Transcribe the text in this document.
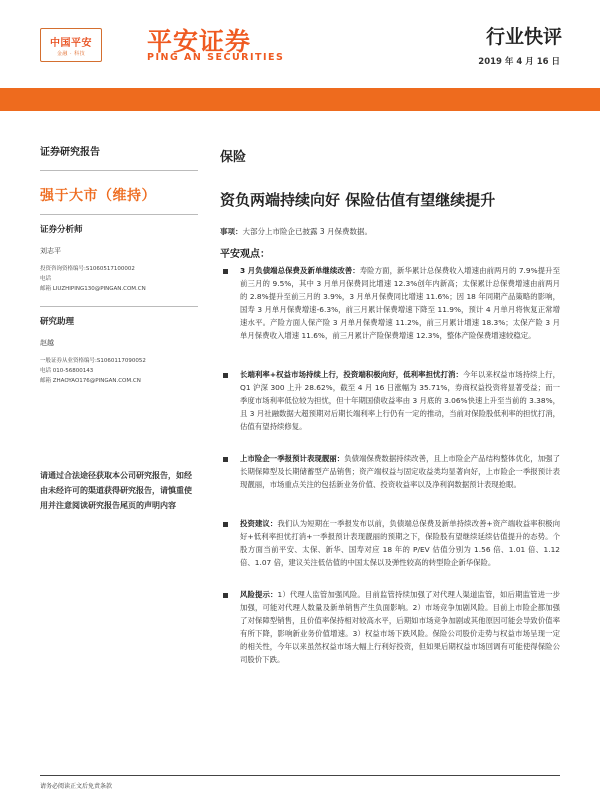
中国平安
金融 · 科技	平安证券
PING AN SECURITIES
行业快评
2019 年 4 月 16 日
证券研究报告
强于大市（维持）
证券分析师
刘志平
投资咨询资格编号:S1060517100002
电话
邮箱 LIUZHIPING130@PINGAN.COM.CN
研究助理
赵越
一般证券从业资格编号:S1060117090052
电话 010-56800143
邮箱 ZHAOYAO176@PINGAN.COM.CN
请通过合法途径获取本公司研究报告，如经由未经许可的渠道获得研究报告，请慎重使用并注意阅读研究报告尾页的声明内容
保险
资负两端持续向好 保险估值有望继续提升
事项：大部分上市险企已披露 3 月保费数据。
平安观点：
3 月负债端总保费及新单继续改善：寿险方面，新华累计总保费收入增速由前两月的 7.9%提升至前三月的 9.5%，其中 3 月单月保费同比增速 12.3%创年内新高；太保累计总保费增速由前两月的 2.8%提升至前三月的 3.9%，3 月单月保费同比增速 11.6%；因 18 年同期产品策略的影响，国寿 3 月单月保费增速-6.3%，前三月累计保费增速下降至 11.9%，预计 4 月单月将恢复正常增速水平。产险方面人保产险 3 月单月保费增速 11.2%，前三月累计增速 18.3%；太保产险 3 月单月保费收入增速 11.6%，前三月累计产险保费增速 12.3%，整体产险保费增速较稳定。
长端利率+权益市场持续上行，投资端积极向好，低利率担忧打消：今年以来权益市场持续上行，Q1 沪深 300 上升 28.62%，截至 4 月 16 日涨幅为 35.71%，券商权益投资将显著受益；而一季度市场利率低位较为担忧，但十年期国债收益率由 3 月底的 3.06%快速上升至当前的 3.38%，且 3 月社融数据大超预期对后期长端利率上行仍有一定的推动，当前对保险股低利率的担忧打消，估值有望持续修复。
上市险企一季报预计表现靓丽：负债端保费数据持续改善，且上市险企产品结构整体优化，加强了长期保障型及长期储蓄型产品销售；资产端权益与固定收益类均显著向好，上市险企一季报预计表现靓丽，市场重点关注的包括新业务价值、投资收益率以及净利润数据预计表现抢眼。
投资建议：我们认为短期在一季报发布以前，负债端总保费及新单持续改善+资产端收益率积极向好+低利率担忧打消+一季报预计表现靓丽的预期之下，保险股有望继续延续估值提升的态势。个股方面当前平安、太保、新华、国寿对应 18 年的 P/EV 估值分别为 1.56 倍、1.01 倍、1.12 倍、1.07 倍，建议关注低估值的中国太保以及弹性较高的转型险企新华保险。
风险提示：1）代理人监管加强风险。目前监管持续加强了对代理人渠道监管，如后期监管进一步加强，可能对代理人数量及新单销售产生负面影响。2）市场竞争加剧风险。目前上市险企都加强了对保障型销售，且价值率保持相对较高水平，后期如市场竞争加剧或其他原因可能会导致价值率有所下降，影响新业务价值增速。3）权益市场下跌风险。保险公司股价走势与权益市场呈现一定的相关性，今年以来虽然权益市场大幅上行利好投资，但如果后期权益市场回调有可能使得保险公司股价下跌。
请务必阅读正文后免责条款
